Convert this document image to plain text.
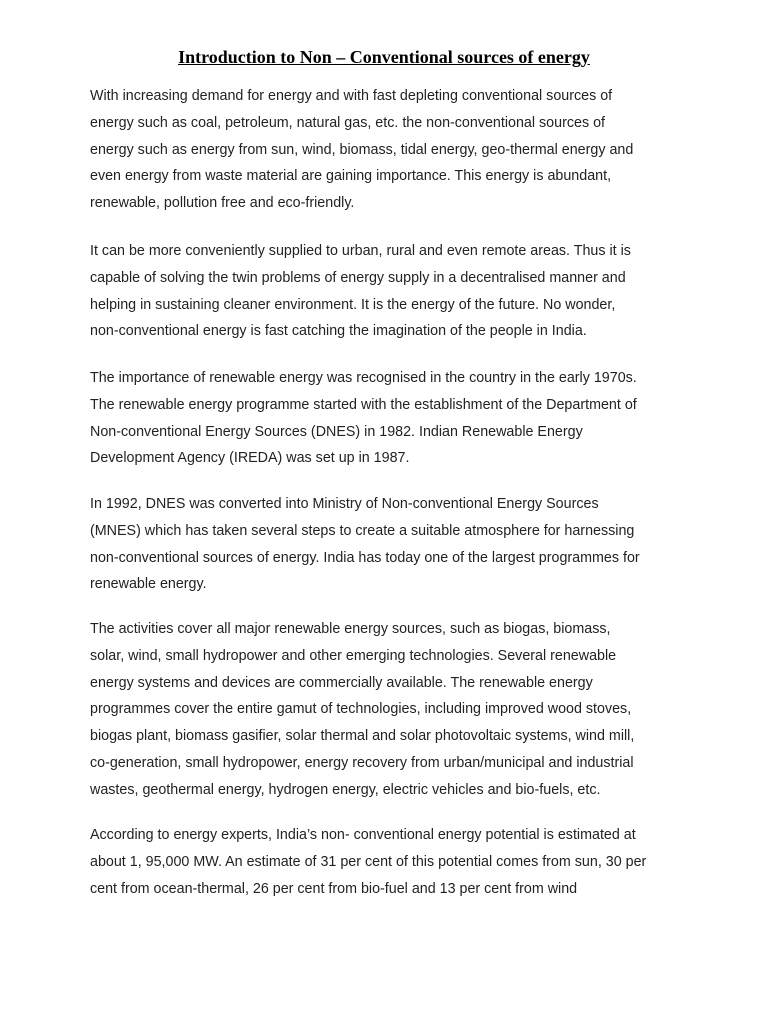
Introduction to Non – Conventional sources of energy

With increasing demand for energy and with fast depleting conventional sources of
energy such as coal, petroleum, natural gas, etc. the non-conventional sources of
energy such as energy from sun, wind, biomass, tidal energy, geo-thermal energy and
even energy from waste material are gaining importance. This energy is abundant,
renewable, pollution free and eco-friendly.

It can be more conveniently supplied to urban, rural and even remote areas. Thus it is
capable of solving the twin problems of energy supply in a decentralised manner and
helping in sustaining cleaner environment. It is the energy of the future. No wonder,
non-conventional energy is fast catching the imagination of the people in India.

The importance of renewable energy was recognised in the country in the early 1970s.
The renewable energy programme started with the establishment of the Department of
Non-conventional Energy Sources (DNES) in 1982. Indian Renewable Energy
Development Agency (IREDA) was set up in 1987.

In 1992, DNES was converted into Ministry of Non-conventional Energy Sources
(MNES) which has taken several steps to create a suitable atmosphere for harnessing
non-conventional sources of energy. India has today one of the largest programmes for
renewable energy.

The activities cover all major renewable energy sources, such as biogas, biomass,
solar, wind, small hydropower and other emerging technologies. Several renewable
energy systems and devices are commercially available. The renewable energy
programmes cover the entire gamut of technologies, including improved wood stoves,
biogas plant, biomass gasifier, solar thermal and solar photovoltaic systems, wind mill,
co-generation, small hydropower, energy recovery from urban/municipal and industrial
wastes, geothermal energy, hydrogen energy, electric vehicles and bio-fuels, etc.

According to energy experts, India’s non- conventional energy potential is estimated at
about 1, 95,000 MW. An estimate of 31 per cent of this potential comes from sun, 30 per
cent from ocean-thermal, 26 per cent from bio-fuel and 13 per cent from wind
